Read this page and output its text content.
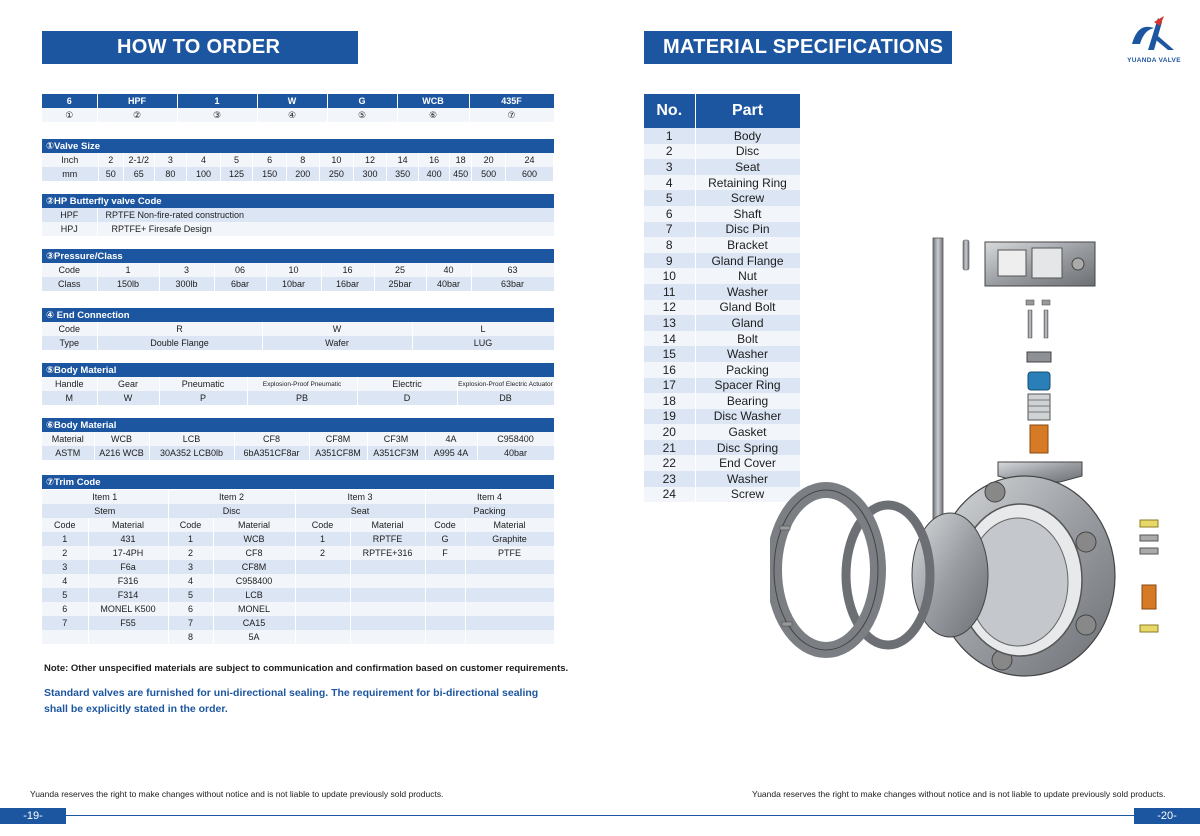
HOW TO ORDER
6	HPF	1	W	G	WCB	435F
①	②	③	④	⑤	⑥	⑦
①Valve Size
Inch	2	2-1/2	3	4	5	6	8	10	12	14	16	18	20	24
mm	50	65	80	100	125	150	200	250	300	350	400	450	500	600
②HP Butterfly valve Code
HPF	RPTFE Non-fire-rated construction
HPJ	RPTFE+ Firesafe Design
③Pressure/Class
Code	1	3	06	10	16	25	40	63
Class	150lb	300lb	6bar	10bar	16bar	25bar	40bar	63bar
④ End Connection
Code	R	W	L
Type	Double Flange	Wafer	LUG
⑤Body Material
Handle	Gear	Pneumatic	Explosion-Proof Pneumatic	Electric	Explosion-Proof Electric Actuator
M	W	P	PB	D	DB
⑥Body Material
Material	WCB	LCB	CF8	CF8M	CF3M	4A	C958400
ASTM	A216 WCB	30A352 LCB0lb	6bA351CF8ar	A351CF8M	A351CF3M	A995 4A	40bar
⑦Trim Code
Item 1		Item 2		Item 3		Item 4	
Stem		Disc		Seat		Packing	
Code	Material	Code	Material	Code	Material	Code	Material
1	431	1	WCB	1	RPTFE	G	Graphite
2	17-4PH	2	CF8	2	RPTFE+316	F	PTFE
3	F6a	3	CF8M				
4	F316	4	C958400				
5	F314	5	LCB				
6	MONEL K500	6	MONEL				
7	F55	7	CA15				
		8	5A				
Note: Other unspecified materials are subject to communication and confirmation based on customer requirements.
Standard valves are furnished for uni-directional sealing. The requirement for bi-directional sealing shall be explicitly stated in the order.
Yuanda reserves the right to make changes without notice and is not liable to update previously sold products.
-19-
MATERIAL SPECIFICATIONS
YUANDA VALVE
No.	Part
1	Body
2	Disc
3	Seat
4	Retaining Ring
5	Screw
6	Shaft
7	Disc Pin
8	Bracket
9	Gland Flange
10	Nut
11	Washer
12	Gland Bolt
13	Gland
14	Bolt
15	Washer
16	Packing
17	Spacer Ring
18	Bearing
19	Disc Washer
20	Gasket
21	Disc Spring
22	End Cover
23	Washer
24	Screw
Yuanda reserves the right to make changes without notice and is not liable to update previously sold products.
-20-
